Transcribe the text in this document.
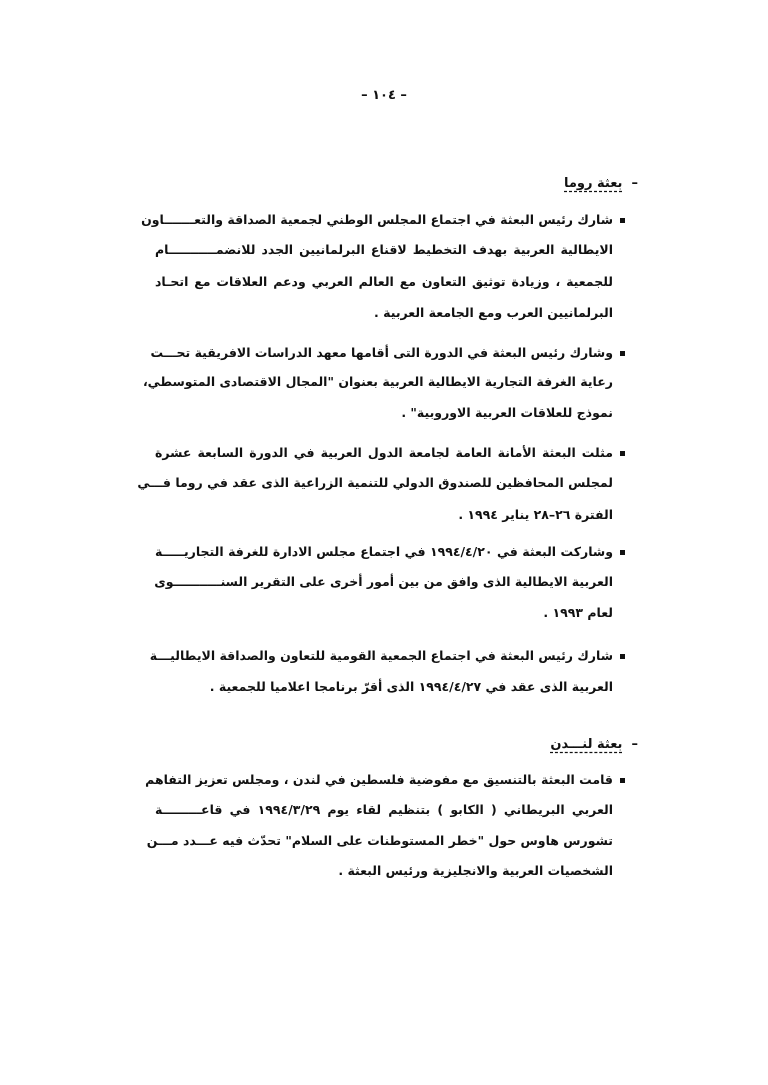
– ١٠٤ –
–  بعثة روما
شارك رئيس البعثة في اجتماع المجلس الوطني لجمعية الصداقة والتعـــــــاون
الايطالية العربية بهدف التخطيط لاقناع البرلمانيين الجدد للانضمـــــــــــام
للجمعية ، وزيادة توثيق التعاون مع العالم العربي ودعم العلاقات مع اتحـاد
البرلمانيين العرب ومع الجامعة العربية .
وشارك رئيس البعثة في الدورة التى أقامها معهد الدراسات الافريقية تحـــت
رعاية الغرفة التجارية الايطالية العربية بعنوان "المجال الاقتصادى المتوسطي،
نموذج للعلاقات العربية الاوروبية" .
مثلت البعثة الأمانة العامة لجامعة الدول العربية في الدورة السابعة عشرة
لمجلس المحافظين للصندوق الدولي للتنمية الزراعية الذى عقد في روما فـــي
الفترة ٢٦–٢٨ يناير ١٩٩٤ .
وشاركت البعثة في ١٩٩٤/٤/٢٠ في اجتماع مجلس الادارة للغرفة التجاريـــــة
العربية الايطالية الذى وافق من بين أمور أخرى على التقرير السنـــــــــــوى
لعام ١٩٩٣ .
شارك رئيس البعثة في اجتماع الجمعية القومية للتعاون والصداقة الايطاليـــة
العربية الذى عقد في ١٩٩٤/٤/٢٧ الذى أقرّ برنامجا اعلاميا للجمعية .
–  بعثة لنـــدن
قامت البعثة بالتنسيق مع مفوضية فلسطين في لندن ، ومجلس تعزيز التفاهم
العربي البريطاني ( الكابو ) بتنظيم لقاء يوم ١٩٩٤/٣/٢٩ في قاعـــــــــة
تشورس هاوس حول "خطر المستوطنات على السلام" تحدّث فيه عـــدد مـــن
الشخصيات العربية والانجليزية ورئيس البعثة .
